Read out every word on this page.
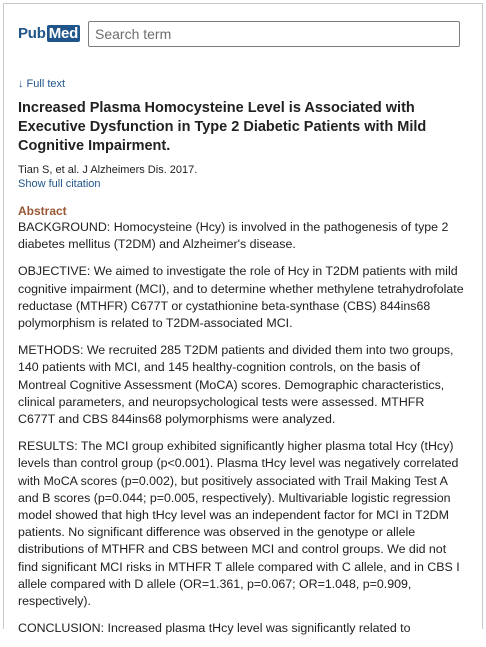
Pub Med
Search term
↓ Full text
Increased Plasma Homocysteine Level is Associated with Executive Dysfunction in Type 2 Diabetic Patients with Mild Cognitive Impairment.
Tian S, et al. J Alzheimers Dis. 2017.
Show full citation
Abstract

BACKGROUND: Homocysteine (Hcy) is involved in the pathogenesis of type 2 diabetes mellitus (T2DM) and Alzheimer's disease.

OBJECTIVE: We aimed to investigate the role of Hcy in T2DM patients with mild cognitive impairment (MCI), and to determine whether methylene tetrahydrofolate reductase (MTHFR) C677T or cystathionine beta-synthase (CBS) 844ins68 polymorphism is related to T2DM-associated MCI.

METHODS: We recruited 285 T2DM patients and divided them into two groups, 140 patients with MCI, and 145 healthy-cognition controls, on the basis of Montreal Cognitive Assessment (MoCA) scores. Demographic characteristics, clinical parameters, and neuropsychological tests were assessed. MTHFR C677T and CBS 844ins68 polymorphisms were analyzed.

RESULTS: The MCI group exhibited significantly higher plasma total Hcy (tHcy) levels than control group (p<0.001). Plasma tHcy level was negatively correlated with MoCA scores (p=0.002), but positively associated with Trail Making Test A and B scores (p=0.044; p=0.005, respectively). Multivariable logistic regression model showed that high tHcy level was an independent factor for MCI in T2DM patients. No significant difference was observed in the genotype or allele distributions of MTHFR and CBS between MCI and control groups. We did not find significant MCI risks in MTHFR T allele compared with C allele, and in CBS I allele compared with D allele (OR=1.361, p=0.067; OR=1.048, p=0.909, respectively).

CONCLUSION: Increased plasma tHcy level was significantly related to
